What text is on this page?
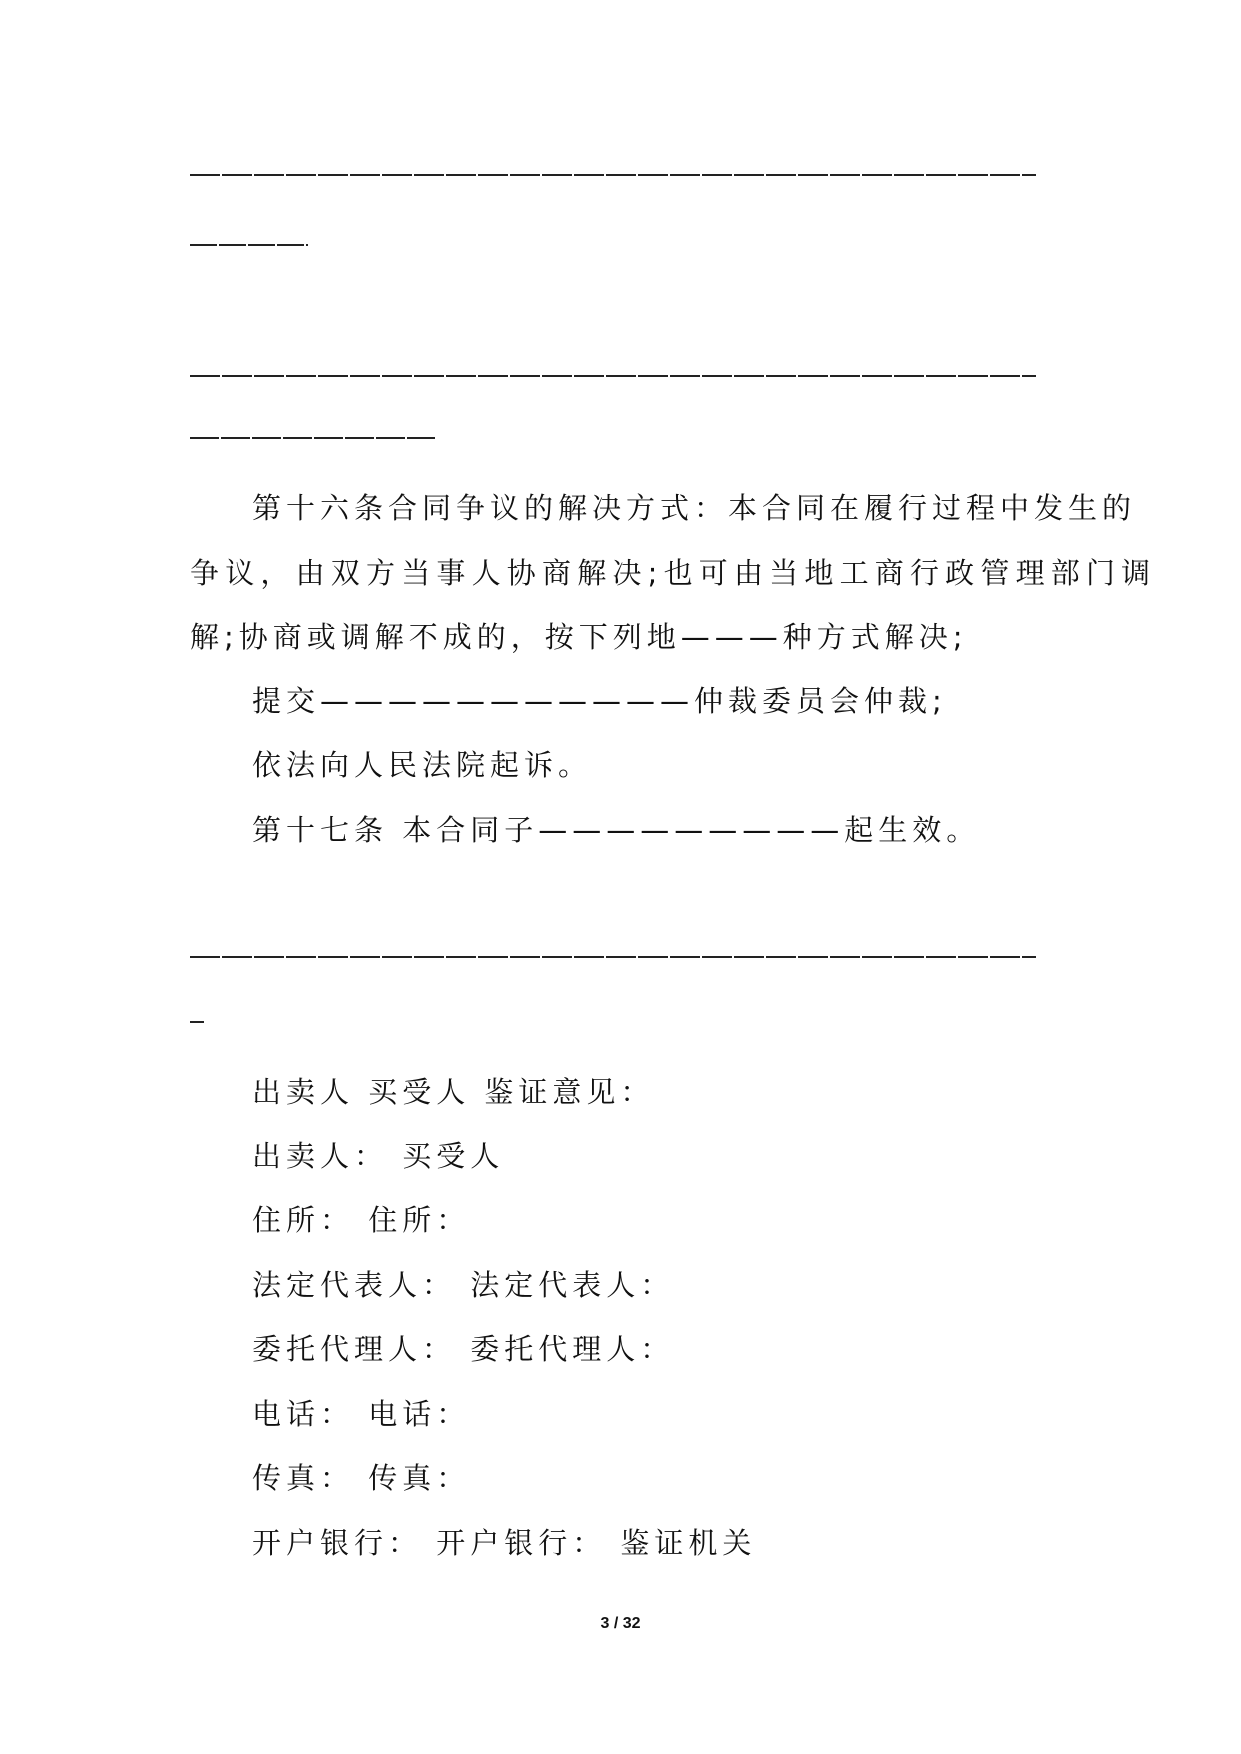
第十六条合同争议的解决方式：本合同在履行过程中发生的
争议，由双方当事人协商解决;也可由当地工商行政管理部门调
解;协商或调解不成的，按下列地———种方式解决;
提交———————————仲裁委员会仲裁;
依法向人民法院起诉。
第十七条 本合同子—————————起生效。
出卖人 买受人 鉴证意见：
出卖人： 买受人
住所： 住所：
法定代表人： 法定代表人：
委托代理人： 委托代理人：
电话： 电话：
传真： 传真：
开户银行： 开户银行： 鉴证机关
3 / 32
